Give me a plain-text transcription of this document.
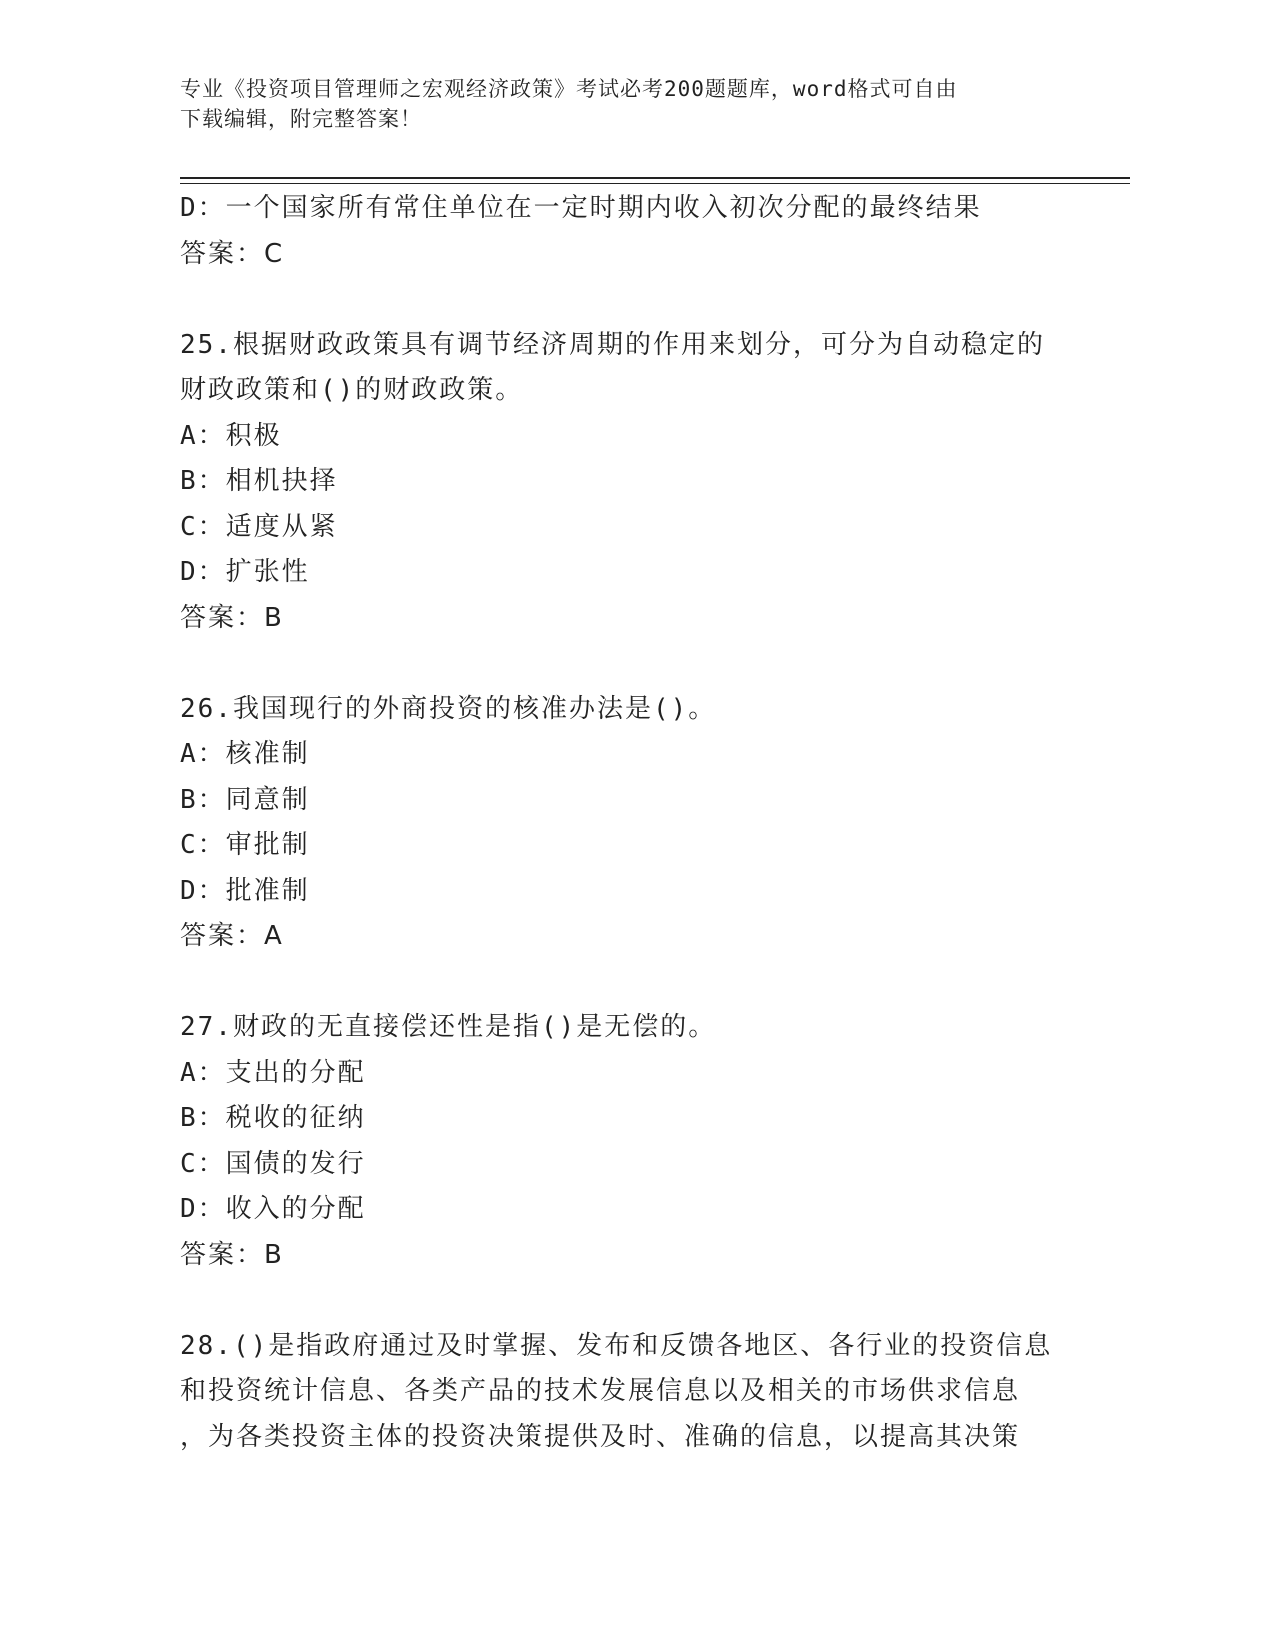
专业《投资项目管理师之宏观经济政策》考试必考200题题库，word格式可自由
下载编辑，附完整答案！
D：一个国家所有常住单位在一定时期内收入初次分配的最终结果
答案：C
25.根据财政政策具有调节经济周期的作用来划分，可分为自动稳定的
财政政策和()的财政政策。
A：积极
B：相机抉择
C：适度从紧
D：扩张性
答案：B
26.我国现行的外商投资的核准办法是()。
A：核准制
B：同意制
C：审批制
D：批准制
答案：A
27.财政的无直接偿还性是指()是无偿的。
A：支出的分配
B：税收的征纳
C：国债的发行
D：收入的分配
答案：B
28.()是指政府通过及时掌握、发布和反馈各地区、各行业的投资信息
和投资统计信息、各类产品的技术发展信息以及相关的市场供求信息
，为各类投资主体的投资决策提供及时、准确的信息，以提高其决策
